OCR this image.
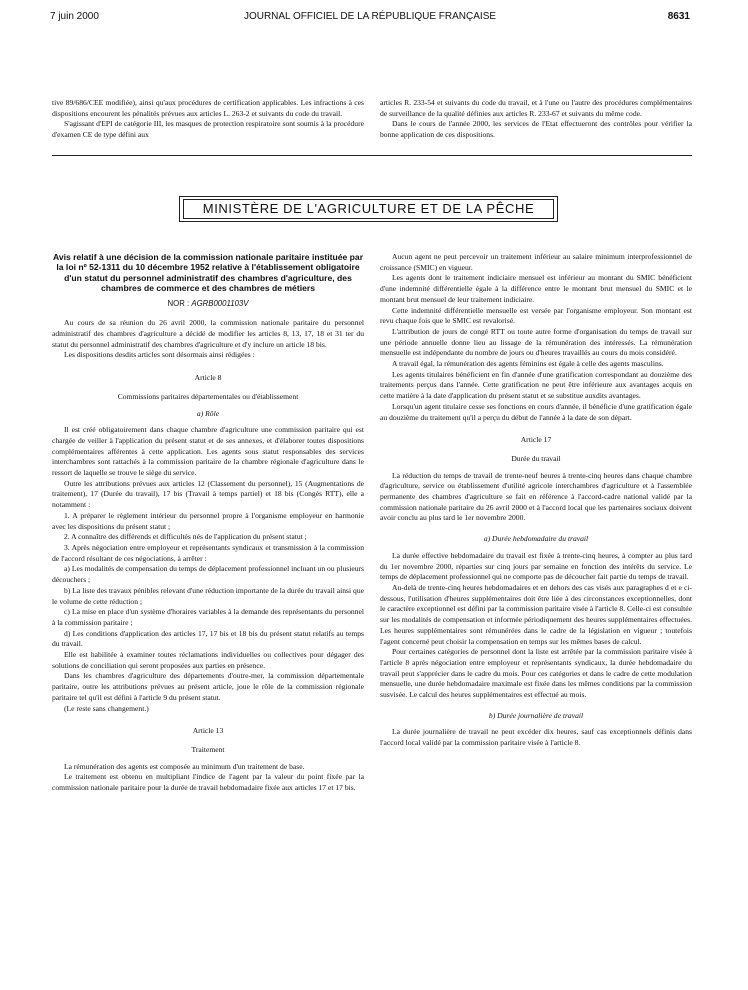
7 juin 2000	JOURNAL OFFICIEL DE LA RÉPUBLIQUE FRANÇAISE	8631

tive 89/686/CEE modifiée), ainsi qu'aux procédures de certification applicables. Les infractions à ces dispositions encourent les pénalités prévues aux articles L. 263-2 et suivants du code du travail.

S'agissant d'EPI de catégorie III, les masques de protection respiratoire sont soumis à la procédure d'examen CE de type défini aux

articles R. 233-54 et suivants du code du travail, et à l'une ou l'autre des procédures complémentaires de surveillance de la qualité définies aux articles R. 233-67 et suivants du même code.

Dans le cours de l'année 2000, les services de l'Etat effectueront des contrôles pour vérifier la bonne application de ces dispositions.

MINISTÈRE DE L'AGRICULTURE ET DE LA PÊCHE
Avis relatif à une décision de la commission nationale paritaire instituée par la loi nº 52-1311 du 10 décembre 1952 relative à l'établissement obligatoire d'un statut du personnel administratif des chambres d'agriculture, des chambres de commerce et des chambres de métiers
NOR : AGRB0001103V

Au cours de sa réunion du 26 avril 2000, la commission nationale paritaire du personnel administratif des chambres d'agriculture a décidé de modifier les articles 8, 13, 17, 18 et 31 ter du statut du personnel administratif des chambres d'agriculture et d'y inclure un article 18 bis.

Les dispositions desdits articles sont désormais ainsi rédigées :

Article 8
Commissions paritaires départementales ou d'établissement
a) Rôle

Il est créé obligatoirement dans chaque chambre d'agriculture une commission paritaire qui est chargée de veiller à l'application du présent statut et de ses annexes, et d'élaborer toutes dispositions complémentaires afférentes à cette application. Les agents sous statut responsables des services interchambres sont rattachés à la commission paritaire de la chambre régionale d'agriculture dans le ressort de laquelle se trouve le siège du service.

Outre les attributions prévues aux articles 12 (Classement du personnel), 15 (Augmentations de traitement), 17 (Durée du travail), 17 bis (Travail à temps partiel) et 18 bis (Congés RTT), elle a notamment :

1. A préparer le règlement intérieur du personnel propre à l'organisme employeur en harmonie avec les dispositions du présent statut ;

2. A connaître des différends et difficultés nés de l'application du présent statut ;

3. Après négociation entre employeur et représentants syndicaux et transmission à la commission de l'accord résultant de ces négociations, à arrêter :

a) Les modalités de compensation du temps de déplacement professionnel incluant un ou plusieurs découchers ;

b) La liste des travaux pénibles relevant d'une réduction importante de la durée du travail ainsi que le volume de cette réduction ;

c) La mise en place d'un système d'horaires variables à la demande des représentants du personnel à la commission paritaire ;

d) Les conditions d'application des articles 17, 17 bis et 18 bis du présent statut relatifs au temps du travail.

Elle est habilitée à examiner toutes réclamations individuelles ou collectives pour dégager des solutions de conciliation qui seront proposées aux parties en présence.

Dans les chambres d'agriculture des départements d'outre-mer, la commission départementale paritaire, outre les attributions prévues au présent article, joue le rôle de la commission régionale paritaire tel qu'il est défini à l'article 9 du présent statut.

(Le reste sans changement.)

Article 13
Traitement

La rémunération des agents est composée au minimum d'un traitement de base.

Le traitement est obtenu en multipliant l'indice de l'agent par la valeur du point fixée par la commission nationale paritaire pour la durée de travail hebdomadaire fixée aux articles 17 et 17 bis.

Aucun agent ne peut percevoir un traitement inférieur au salaire minimum interprofessionnel de croissance (SMIC) en vigueur.

Les agents dont le traitement indiciaire mensuel est inférieur au montant du SMIC bénéficient d'une indemnité différentielle égale à la différence entre le montant brut mensuel du SMIC et le montant brut mensuel de leur traitement indiciaire.

Cette indemnité différentielle mensuelle est versée par l'organisme employeur. Son montant est revu chaque fois que le SMIC est revalorisé.

L'attribution de jours de congé RTT ou toute autre forme d'organisation du temps de travail sur une période annuelle donne lieu au lissage de la rémunération des intéressés. La rémunération mensuelle est indépendante du nombre de jours ou d'heures travaillés au cours du mois considéré.

A travail égal, la rémunération des agents féminins est égale à celle des agents masculins.

Les agents titulaires bénéficient en fin d'année d'une gratification correspondant au douzième des traitements perçus dans l'année. Cette gratification ne peut être inférieure aux avantages acquis en cette matière à la date d'application du présent statut et se substitue auxdits avantages.

Lorsqu'un agent titulaire cesse ses fonctions en cours d'année, il bénéficie d'une gratification égale au douzième du traitement qu'il a perçu du début de l'année à la date de son départ.

Article 17
Durée du travail

La réduction du temps de travail de trente-neuf heures à trente-cinq heures dans chaque chambre d'agriculture, service ou établissement d'utilité agricole interchambres d'agriculture et à l'assemblée permanente des chambres d'agriculture se fait en référence à l'accord-cadre national validé par la commission nationale paritaire du 26 avril 2000 et à l'accord local que les partenaires sociaux doivent avoir conclu au plus tard le 1er novembre 2000.

a) Durée hebdomadaire du travail

La durée effective hebdomadaire du travail est fixée à trente-cinq heures, à compter au plus tard du 1er novembre 2000, réparties sur cinq jours par semaine en fonction des intérêts du service. Le temps de déplacement professionnel qui ne comporte pas de découcher fait partie du temps de travail.

Au-delà de trente-cinq heures hebdomadaires et en dehors des cas visés aux paragraphes d et e ci-dessous, l'utilisation d'heures supplémentaires doit être liée à des circonstances exceptionnelles, dont le caractère exceptionnel est défini par la commission paritaire visée à l'article 8. Celle-ci est consultée sur les modalités de compensation et informée périodiquement des heures supplémentaires effectuées. Les heures supplémentaires sont rémunérées dans le cadre de la législation en vigueur ; toutefois l'agent concerné peut choisir la compensation en temps sur les mêmes bases de calcul.

Pour certaines catégories de personnel dont la liste est arrêtée par la commission paritaire visée à l'article 8 après négociation entre employeur et représentants syndicaux, la durée hebdomadaire du travail peut s'apprécier dans le cadre du mois. Pour ces catégories et dans le cadre de cette modulation mensuelle, une durée hebdomadaire maximale est fixée dans les mêmes conditions par la commission susvisée. Le calcul des heures supplémentaires est effectué au mois.

b) Durée journalière de travail

La durée journalière de travail ne peut excéder dix heures, sauf cas exceptionnels définis dans l'accord local validé par la commission paritaire visée à l'article 8.
